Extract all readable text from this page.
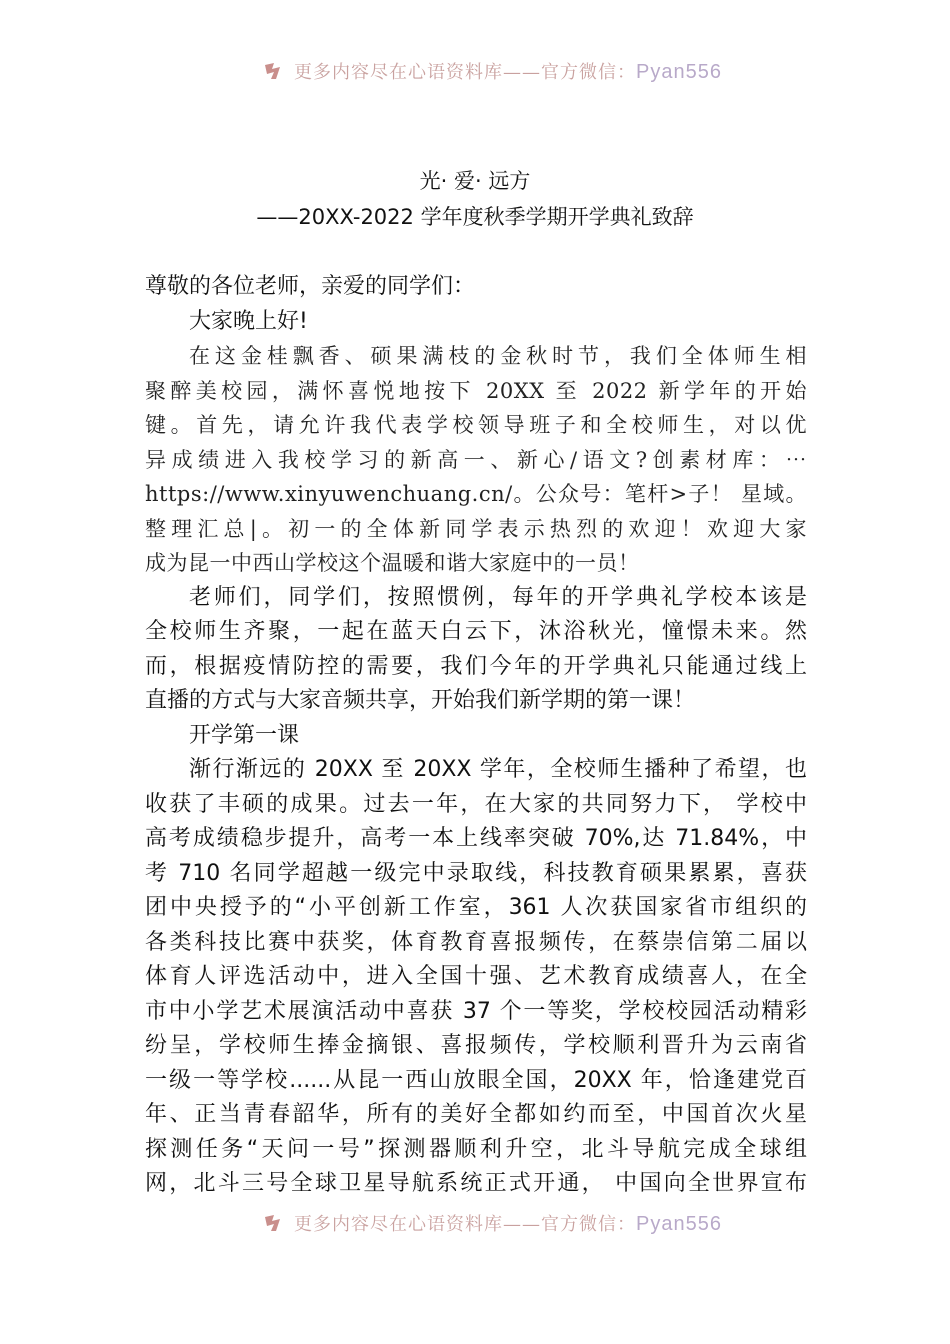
更多内容尽在心语资料库——官方微信：Pyan556
光· 爱· 远方
——20XX-2022 学年度秋季学期开学典礼致辞
尊敬的各位老师，亲爱的同学们：
大家晚上好!
在这金桂飘香、硕果满枝的金秋时节，我们全体师生相
聚醉美校园，满怀喜悦地按下 20XX 至 2022 新学年的开始
键。首先，请允许我代表学校领导班子和全校师生，对以优
异成绩进入我校学习的新高一、新心/语文?创素材库：⋯
https://www.xinyuwenchuang.cn/。公众号：笔杆>子！ 星域。
整理汇总|。初一的全体新同学表示热烈的欢迎！欢迎大家
成为昆一中西山学校这个温暖和谐大家庭中的一员！
老师们，同学们，按照惯例，每年的开学典礼学校本该是
全校师生齐聚，一起在蓝天白云下，沐浴秋光，憧憬未来。然
而，根据疫情防控的需要，我们今年的开学典礼只能通过线上
直播的方式与大家音频共享，开始我们新学期的第一课！
开学第一课
渐行渐远的 20XX 至 20XX 学年，全校师生播种了希望，也
收获了丰硕的成果。过去一年，在大家的共同努力下， 学校中
高考成绩稳步提升，高考一本上线率突破 70%,达 71.84%，中
考 710 名同学超越一级完中录取线，科技教育硕果累累，喜获
团中央授予的“小平创新工作室，361 人次获国家省市组织的
各类科技比赛中获奖，体育教育喜报频传，在蔡崇信第二届以
体育人评选活动中，进入全国十强、艺术教育成绩喜人，在全
市中小学艺术展演活动中喜获 37 个一等奖，学校校园活动精彩
纷呈，学校师生捧金摘银、喜报频传，学校顺利晋升为云南省
一级一等学校......从昆一西山放眼全国，20XX 年，恰逢建党百
年、正当青春韶华，所有的美好全都如约而至，中国首次火星
探测任务“天问一号”探测器顺利升空，北斗导航完成全球组
网，北斗三号全球卫星导航系统正式开通， 中国向全世界宣布
更多内容尽在心语资料库——官方微信：Pyan556
